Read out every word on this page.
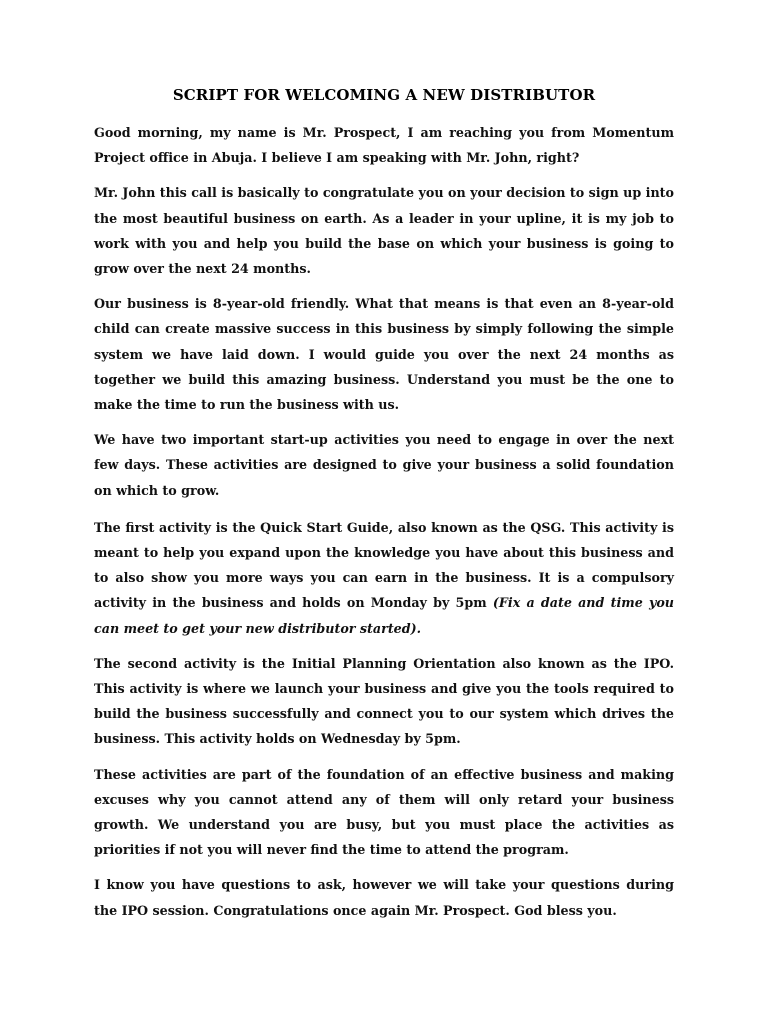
SCRIPT FOR WELCOMING A NEW DISTRIBUTOR

Good morning, my name is Mr. Prospect, I am reaching you from Momentum Project office in Abuja. I believe I am speaking with Mr. John, right?

Mr. John this call is basically to congratulate you on your decision to sign up into the most beautiful business on earth. As a leader in your upline, it is my job to work with you and help you build the base on which your business is going to grow over the next 24 months.

Our business is 8-year-old friendly. What that means is that even an 8-year-old child can create massive success in this business by simply following the simple system we have laid down. I would guide you over the next 24 months as together we build this amazing business. Understand you must be the one to make the time to run the business with us.

We have two important start-up activities you need to engage in over the next few days. These activities are designed to give your business a solid foundation on which to grow.

The first activity is the Quick Start Guide, also known as the QSG. This activity is meant to help you expand upon the knowledge you have about this business and to also show you more ways you can earn in the business. It is a compulsory activity in the business and holds on Monday by 5pm (Fix a date and time you can meet to get your new distributor started).

The second activity is the Initial Planning Orientation also known as the IPO. This activity is where we launch your business and give you the tools required to build the business successfully and connect you to our system which drives the business. This activity holds on Wednesday by 5pm.

These activities are part of the foundation of an effective business and making excuses why you cannot attend any of them will only retard your business growth. We understand you are busy, but you must place the activities as priorities if not you will never find the time to attend the program.

I know you have questions to ask, however we will take your questions during the IPO session. Congratulations once again Mr. Prospect. God bless you.
